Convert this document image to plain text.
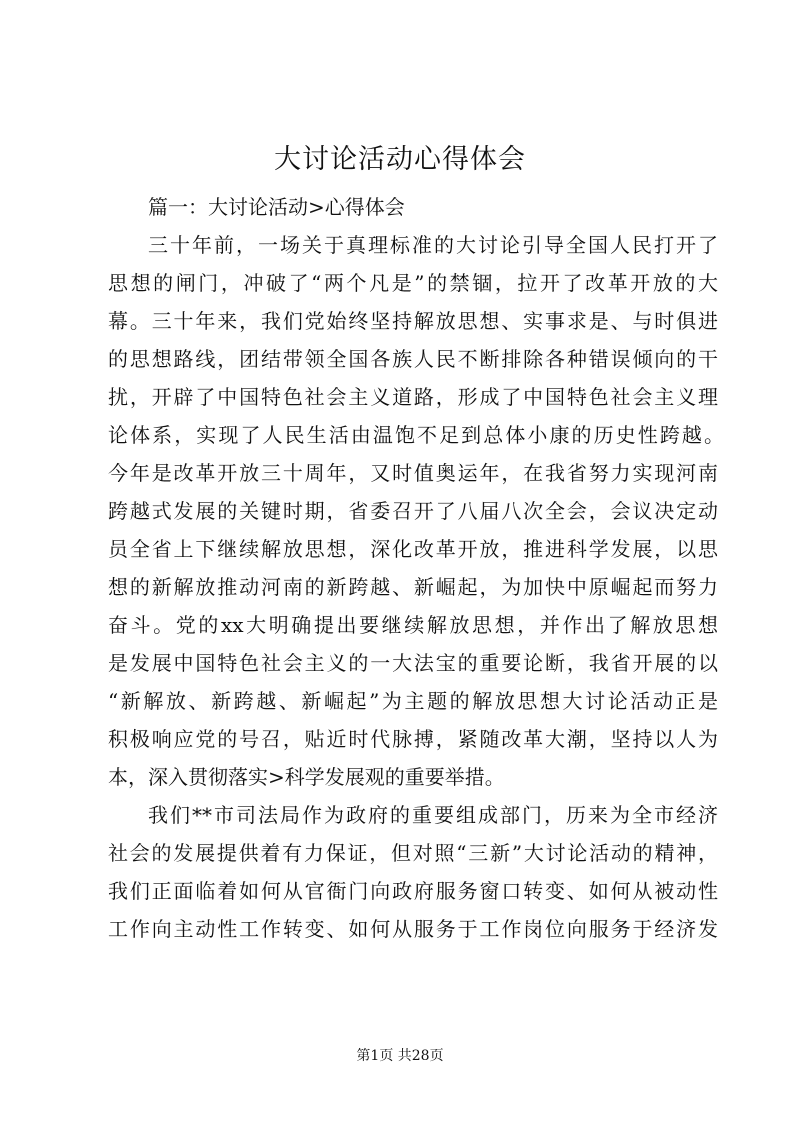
大讨论活动心得体会
篇一：大讨论活动>心得体会
三十年前，一场关于真理标准的大讨论引导全国人民打开了
思想的闸门，冲破了“两个凡是”的禁锢，拉开了改革开放的大
幕。三十年来，我们党始终坚持解放思想、实事求是、与时俱进
的思想路线，团结带领全国各族人民不断排除各种错误倾向的干
扰，开辟了中国特色社会主义道路，形成了中国特色社会主义理
论体系，实现了人民生活由温饱不足到总体小康的历史性跨越。
今年是改革开放三十周年，又时值奥运年，在我省努力实现河南
跨越式发展的关键时期，省委召开了八届八次全会，会议决定动
员全省上下继续解放思想，深化改革开放，推进科学发展，以思
想的新解放推动河南的新跨越、新崛起，为加快中原崛起而努力
奋斗。党的xx大明确提出要继续解放思想，并作出了解放思想
是发展中国特色社会主义的一大法宝的重要论断，我省开展的以
“新解放、新跨越、新崛起”为主题的解放思想大讨论活动正是
积极响应党的号召，贴近时代脉搏，紧随改革大潮，坚持以人为
本，深入贯彻落实>科学发展观的重要举措。
我们**市司法局作为政府的重要组成部门，历来为全市经济
社会的发展提供着有力保证，但对照“三新”大讨论活动的精神，
我们正面临着如何从官衙门向政府服务窗口转变、如何从被动性
工作向主动性工作转变、如何从服务于工作岗位向服务于经济发
第1页 共28页
